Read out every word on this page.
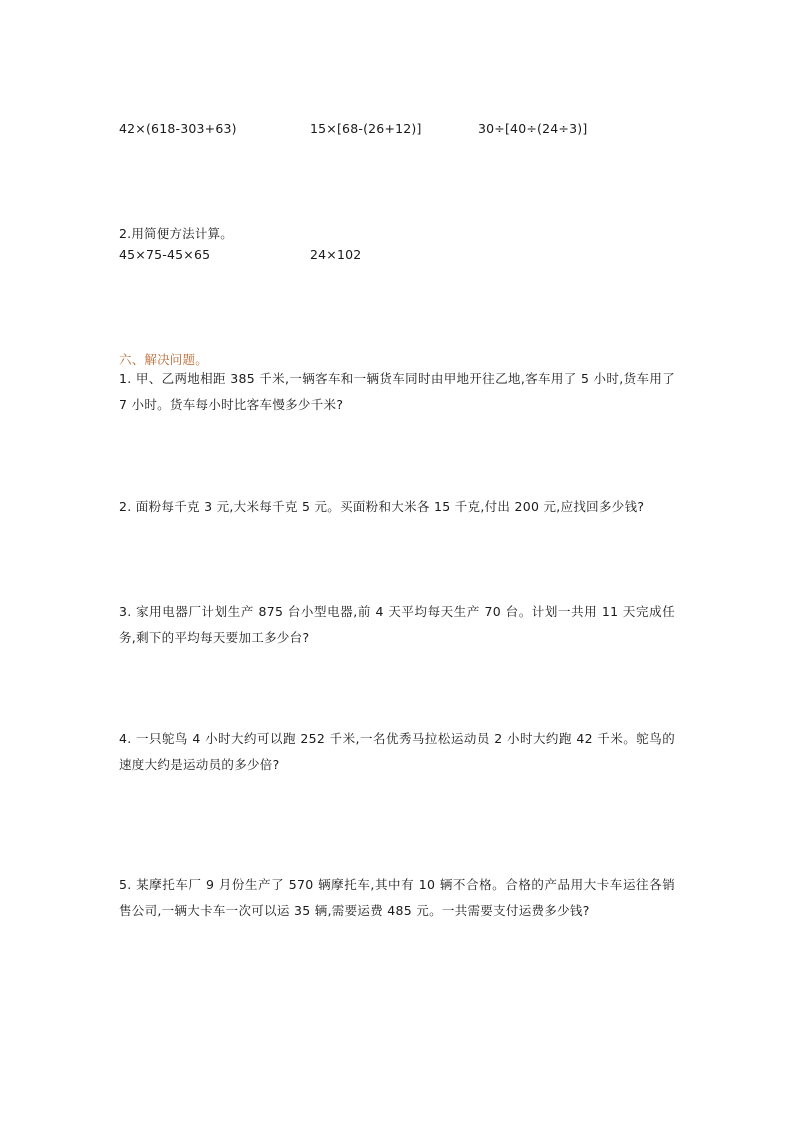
42×(618-303+63)	15×[68-(26+12)]	30÷[40÷(24÷3)]
2.用简便方法计算。
45×75-45×65	24×102
六、解决问题。
1. 甲、乙两地相距 385 千米,一辆客车和一辆货车同时由甲地开往乙地,客车用了 5 小时,货车用了 7 小时。货车每小时比客车慢多少千米?
2. 面粉每千克 3 元,大米每千克 5 元。买面粉和大米各 15 千克,付出 200 元,应找回多少钱?
3. 家用电器厂计划生产 875 台小型电器,前 4 天平均每天生产 70 台。计划一共用 11 天完成任务,剩下的平均每天要加工多少台?
4. 一只鸵鸟 4 小时大约可以跑 252 千米,一名优秀马拉松运动员 2 小时大约跑 42 千米。鸵鸟的速度大约是运动员的多少倍?
5. 某摩托车厂 9 月份生产了 570 辆摩托车,其中有 10 辆不合格。合格的产品用大卡车运往各销售公司,一辆大卡车一次可以运 35 辆,需要运费 485 元。一共需要支付运费多少钱?
